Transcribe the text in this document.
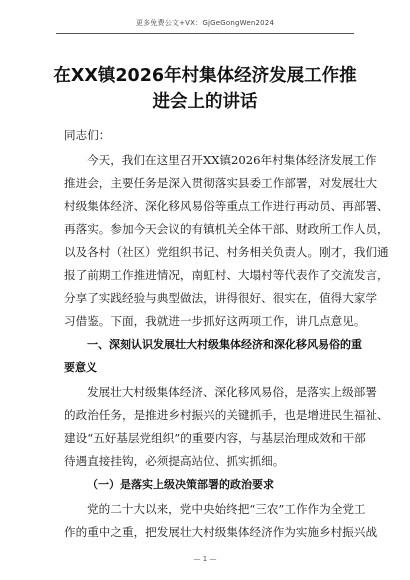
更多免费公文+VX：GjGeGongWen2024
在XX镇2026年村集体经济发展工作推
进会上的讲话
同志们：
今天，我们在这里召开XX镇2026年村集体经济发展工作
推进会，主要任务是深入贯彻落实县委工作部署，对发展壮大
村级集体经济、深化移风易俗等重点工作进行再动员、再部署、
再落实。参加今天会议的有镇机关全体干部、财政所工作人员，
以及各村（社区）党组织书记、村务相关负责人。刚才，我们通
报了前期工作推进情况，南虹村、大塌村等代表作了交流发言，
分享了实践经验与典型做法，讲得很好、很实在，值得大家学
习借鉴。下面，我就进一步抓好这两项工作，讲几点意见。
一、深刻认识发展壮大村级集体经济和深化移风易俗的重
要意义
发展壮大村级集体经济、深化移风易俗，是落实上级部署
的政治任务，是推进乡村振兴的关键抓手，也是增进民生福祉、
建设“五好基层党组织”的重要内容，与基层治理成效和干部
待遇直接挂钩，必须提高站位、抓实抓细。
（一）是落实上级决策部署的政治要求
党的二十大以来，党中央始终把“三农”工作作为全党工
作的重中之重，把发展壮大村级集体经济作为实施乡村振兴战
— 1 —
